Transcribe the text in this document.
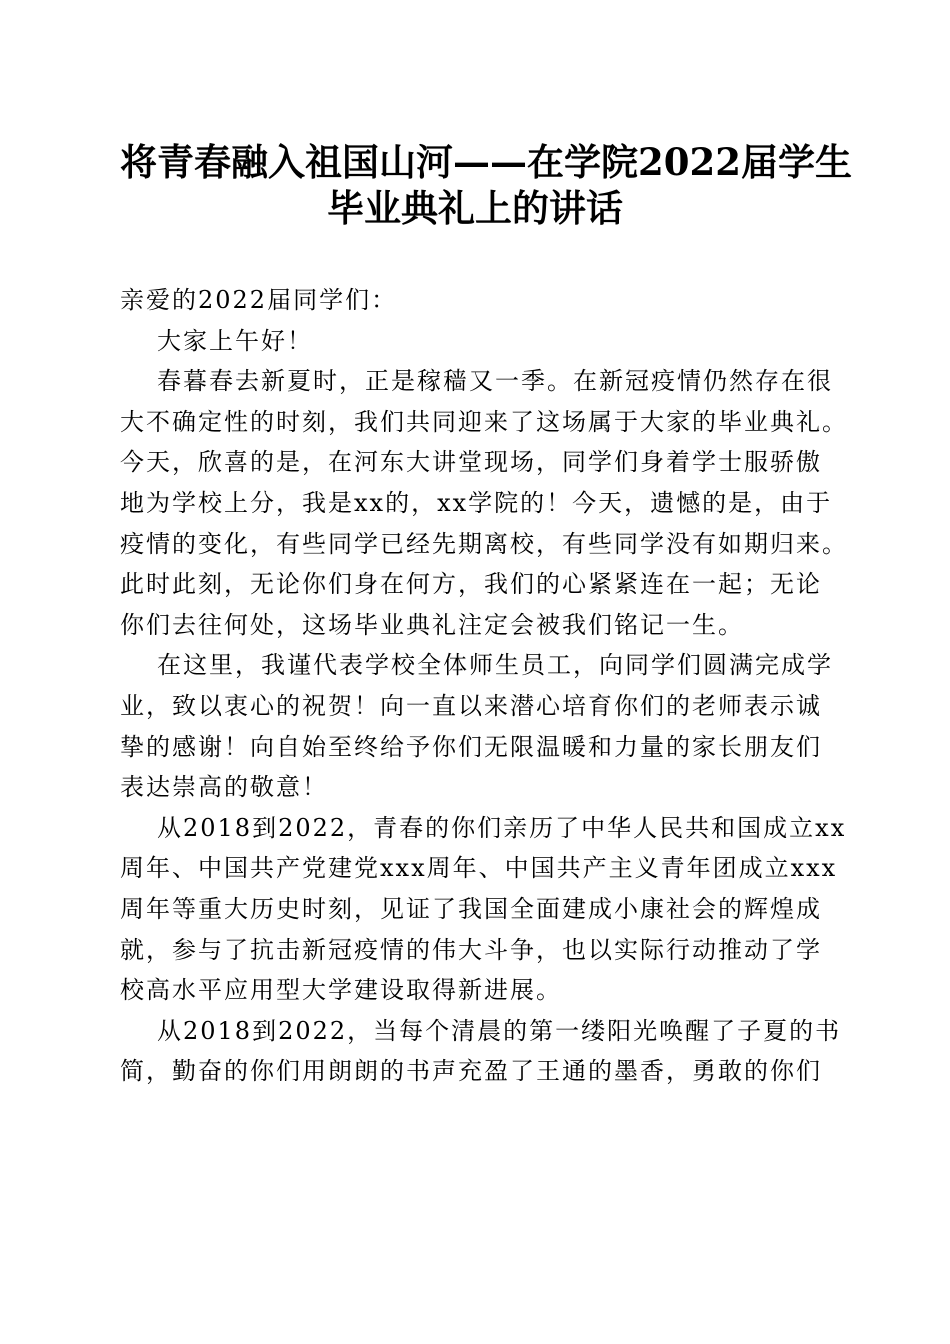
将青春融入祖国山河——在学院2022届学生
毕业典礼上的讲话
亲爱的2022届同学们：
大家上午好！
春暮春去新夏时，正是稼穑又一季。在新冠疫情仍然存在很
大不确定性的时刻，我们共同迎来了这场属于大家的毕业典礼。
今天，欣喜的是，在河东大讲堂现场，同学们身着学士服骄傲
地为学校上分，我是xx的，xx学院的！今天，遗憾的是，由于
疫情的变化，有些同学已经先期离校，有些同学没有如期归来。
此时此刻，无论你们身在何方，我们的心紧紧连在一起；无论
你们去往何处，这场毕业典礼注定会被我们铭记一生。
在这里，我谨代表学校全体师生员工，向同学们圆满完成学
业，致以衷心的祝贺！向一直以来潜心培育你们的老师表示诚
挚的感谢！向自始至终给予你们无限温暖和力量的家长朋友们
表达崇高的敬意！
从2018到2022，青春的你们亲历了中华人民共和国成立xx
周年、中国共产党建党xxx周年、中国共产主义青年团成立xxx
周年等重大历史时刻，见证了我国全面建成小康社会的辉煌成
就，参与了抗击新冠疫情的伟大斗争，也以实际行动推动了学
校高水平应用型大学建设取得新进展。
从2018到2022，当每个清晨的第一缕阳光唤醒了子夏的书
简，勤奋的你们用朗朗的书声充盈了王通的墨香，勇敢的你们
